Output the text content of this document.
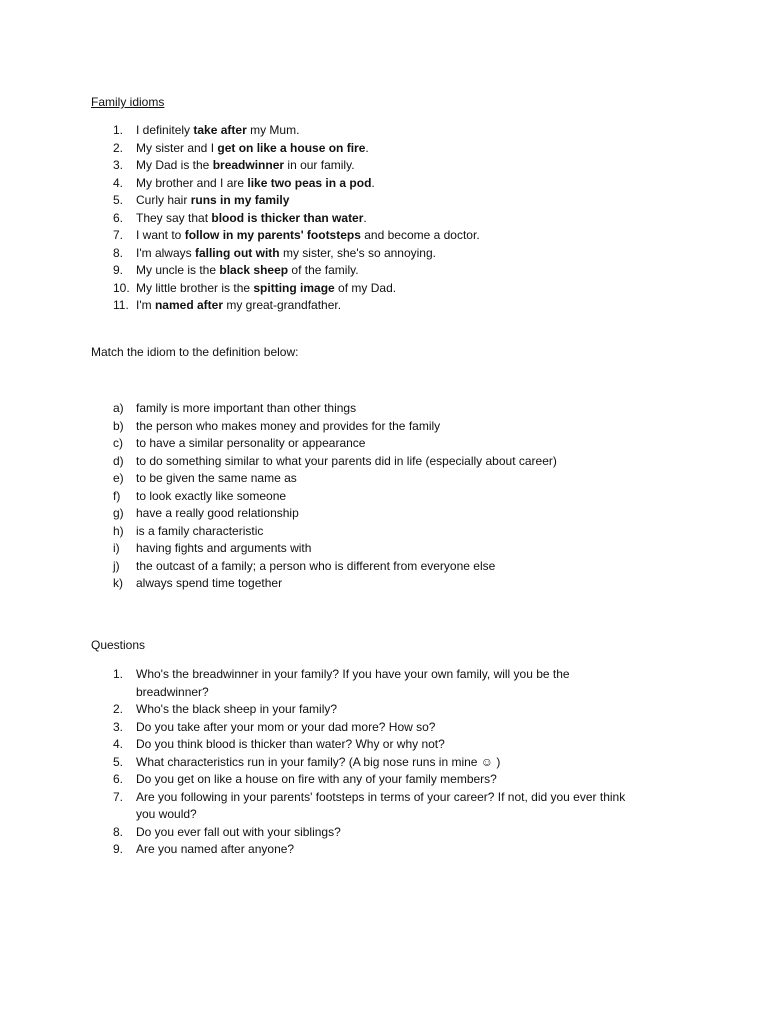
Family idioms
1. I definitely take after my Mum.
2. My sister and I get on like a house on fire.
3. My Dad is the breadwinner in our family.
4. My brother and I are like two peas in a pod.
5. Curly hair runs in my family
6. They say that blood is thicker than water.
7. I want to follow in my parents' footsteps and become a doctor.
8. I'm always falling out with my sister, she's so annoying.
9. My uncle is the black sheep of the family.
10. My little brother is the spitting image of my Dad.
11. I'm named after my great-grandfather.
Match the idiom to the definition below:
a) family is more important than other things
b) the person who makes money and provides for the family
c) to have a similar personality or appearance
d) to do something similar to what your parents did in life (especially about career)
e) to be given the same name as
f) to look exactly like someone
g) have a really good relationship
h) is a family characteristic
i) having fights and arguments with
j) the outcast of a family; a person who is different from everyone else
k) always spend time together
Questions
1. Who's the breadwinner in your family? If you have your own family, will you be the breadwinner?
2. Who's the black sheep in your family?
3. Do you take after your mom or your dad more? How so?
4. Do you think blood is thicker than water? Why or why not?
5. What characteristics run in your family? (A big nose runs in mine ☺ )
6. Do you get on like a house on fire with any of your family members?
7. Are you following in your parents' footsteps in terms of your career? If not, did you ever think you would?
8. Do you ever fall out with your siblings?
9. Are you named after anyone?
